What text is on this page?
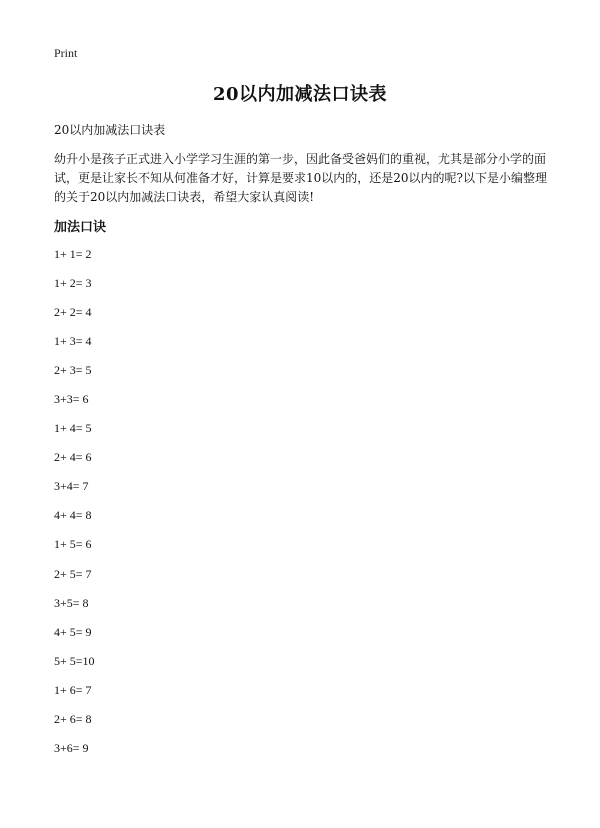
Print
20以内加减法口诀表

20以内加减法口诀表

幼升小是孩子正式进入小学学习生涯的第一步，因此备受爸妈们的重视，尤其是部分小学的面试，更是让家长不知从何准备才好，计算是要求10以内的，还是20以内的呢?以下是小编整理的关于20以内加减法口诀表，希望大家认真阅读!

加法口诀
1+ 1= 2
1+ 2= 3
2+ 2= 4
1+ 3= 4
2+ 3= 5
3+3= 6
1+ 4= 5
2+ 4= 6
3+4= 7
4+ 4= 8
1+ 5= 6
2+ 5= 7
3+5= 8
4+ 5= 9
5+ 5=10
1+ 6= 7
2+ 6= 8
3+6= 9
